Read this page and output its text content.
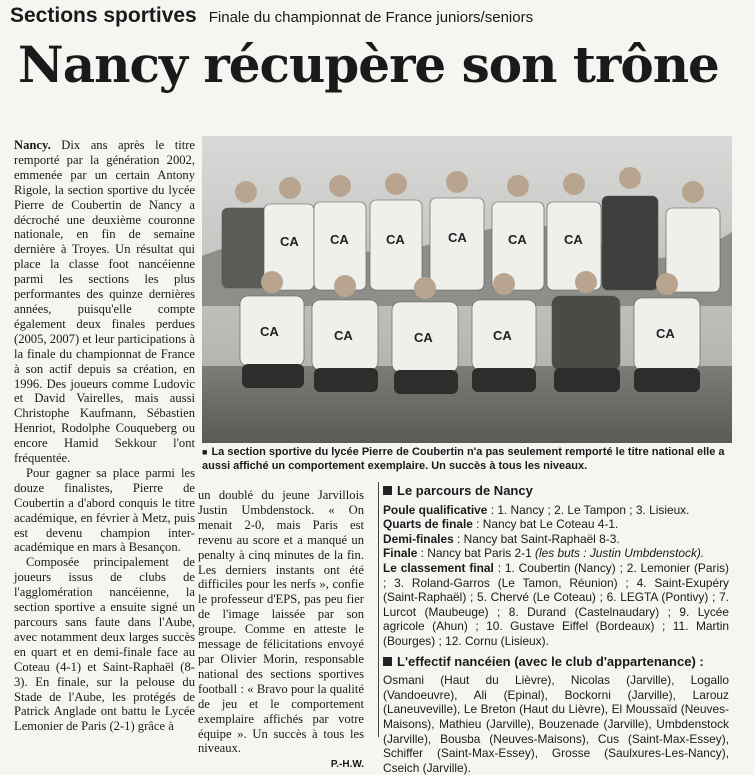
Sections sportives Finale du championnat de France juniors/seniors
Nancy récupère son trône

Nancy. Dix ans après le titre remporté par la génération 2002, emmenée par un certain Antony Rigole, la section sportive du lycée Pierre de Coubertin de Nancy a décroché une deuxième couronne nationale, en fin de semaine dernière à Troyes. Un résultat qui place la classe foot nancéienne parmi les sections les plus performantes des quinze dernières années, puisqu'elle compte également deux finales perdues (2005, 2007) et leur participations à la finale du championnat de France à son actif depuis sa création, en 1996. Des joueurs comme Ludovic et David Vairelles, mais aussi Christophe Kaufmann, Sébastien Henriot, Rodolphe Couqueberg ou encore Hamid Sekkour l'ont fréquentée.

Pour gagner sa place parmi les douze finalistes, Pierre de Coubertin a d'abord conquis le titre académique, en février à Metz, puis est devenu champion inter-académique en mars à Besançon.

Composée principalement de joueurs issus de clubs de l'agglomération nancéienne, la section sportive a ensuite signé un parcours sans faute dans l'Aube, avec notamment deux larges succès en quart et en demi-finale face au Coteau (4-1) et Saint-Raphaël (8-3). En finale, sur la pelouse du Stade de l'Aube, les protégés de Patrick Anglade ont battu le Lycée Lemonier de Paris (2-1) grâce à

CA CA	CA	CA	CA	CA
CA	CA	CA	CA	CA
■ La section sportive du lycée Pierre de Coubertin n'a pas seulement remporté le titre national elle a aussi affiché un comportement exemplaire. Un succès à tous les niveaux.

un doublé du jeune Jarvillois Justin Umbdenstock. « On menait 2-0, mais Paris est revenu au score et a manqué un penalty à cinq minutes de la fin. Les derniers instants ont été difficiles pour les nerfs », confie le professeur d'EPS, pas peu fier de l'image laissée par son groupe. Comme en atteste le message de félicitations envoyé par Olivier Morin, responsable national des sections sportives football : « Bravo pour la qualité de jeu et le comportement exemplaire affichés par votre équipe ». Un succès à tous les niveaux.

P.-H.W.
Le parcours de Nancy
Poule qualificative : 1. Nancy ; 2. Le Tampon ; 3. Lisieux.
Quarts de finale : Nancy bat Le Coteau 4-1.
Demi-finales : Nancy bat Saint-Raphaël 8-3.
Finale : Nancy bat Paris 2-1 (les buts : Justin Umbdenstock).
Le classement final : 1. Coubertin (Nancy) ; 2. Lemonier (Paris) ; 3. Roland-Garros (Le Tamon, Réunion) ; 4. Saint-Exupéry (Saint-Raphaël) ; 5. Chervé (Le Coteau) ; 6. LEGTA (Pontivy) ; 7. Lurcot (Maubeuge) ; 8. Durand (Castelnaudary) ; 9. Lycée agricole (Ahun) ; 10. Gustave Eiffel (Bordeaux) ; 11. Martin (Bourges) ; 12. Cornu (Lisieux).
L'effectif nancéien (avec le club d'appartenance) :
Osmani (Haut du Lièvre), Nicolas (Jarville), Logallo (Vandoeuvre), Ali (Epinal), Bockorni (Jarville), Larouz (Laneuveville), Le Breton (Haut du Lièvre), El Moussaïd (Neuves-Maisons), Mathieu (Jarville), Bouzenade (Jarville), Umbdenstock (Jarville), Bousba (Neuves-Maisons), Cus (Saint-Max-Essey), Schiffer (Saint-Max-Essey), Grosse (Saulxures-Les-Nancy), Cseich (Jarville).
